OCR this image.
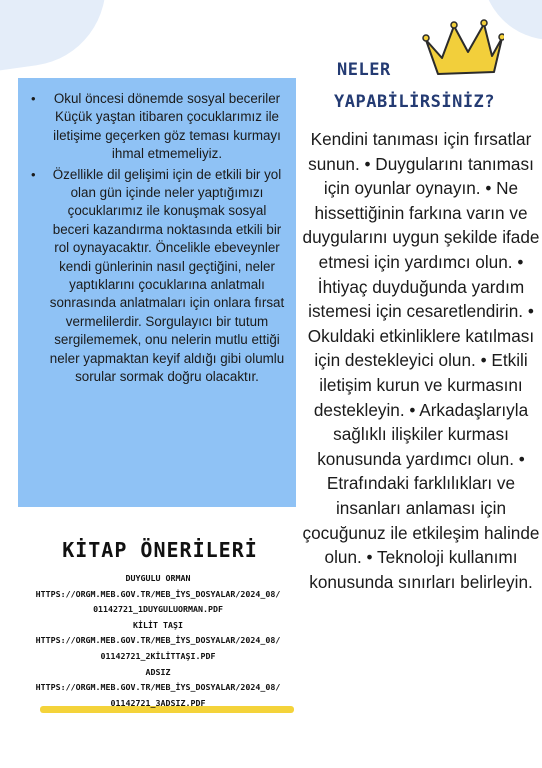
• Okul öncesi dönemde sosyal beceriler Küçük yaştan itibaren çocuklarımız ile iletişime geçerken göz teması kurmayı ihmal etmemeliyiz.
• Özellikle dil gelişimi için de etkili bir yol olan gün içinde neler yaptığımızı çocuklarımız ile konuşmak sosyal beceri kazandırma noktasında etkili bir rol oynayacaktır. Öncelikle ebeveynler kendi günlerinin nasıl geçtiğini, neler yaptıklarını çocuklarına anlatmalı sonrasında anlatmaları için onlara fırsat vermelilerdir. Sorgulayıcı bir tutum sergilememek, onu nelerin mutlu ettiği neler yapmaktan keyif aldığı gibi olumlu sorular sormak doğru olacaktır.
NELER
YAPABİLİRSİNİZ?

Kendini tanıması için fırsatlar sunun. • Duygularını tanıması için oyunlar oynayın. • Ne hissettiğinin farkına varın ve duygularını uygun şekilde ifade etmesi için yardımcı olun. • İhtiyaç duyduğunda yardım istemesi için cesaretlendirin. • Okuldaki etkinliklere katılması için destekleyici olun. • Etkili iletişim kurun ve kurmasını destekleyin. • Arkadaşlarıyla sağlıklı ilişkiler kurması konusunda yardımcı olun. • Etrafındaki farklılıkları ve insanları anlaması için çocuğunuz ile etkileşim halinde olun. • Teknoloji kullanımı konusunda sınırları belirleyin.

KİTAP ÖNERİLERİ
DUYGULU ORMAN
HTTPS://ORGM.MEB.GOV.TR/MEB_İYS_DOSYALAR/2024_08/
01142721_1DUYGULUORMAN.PDF
KİLİT TAŞI
HTTPS://ORGM.MEB.GOV.TR/MEB_İYS_DOSYALAR/2024_08/
01142721_2KİLİTTAŞI.PDF
ADSIZ
HTTPS://ORGM.MEB.GOV.TR/MEB_İYS_DOSYALAR/2024_08/
01142721_3ADSIZ.PDF
